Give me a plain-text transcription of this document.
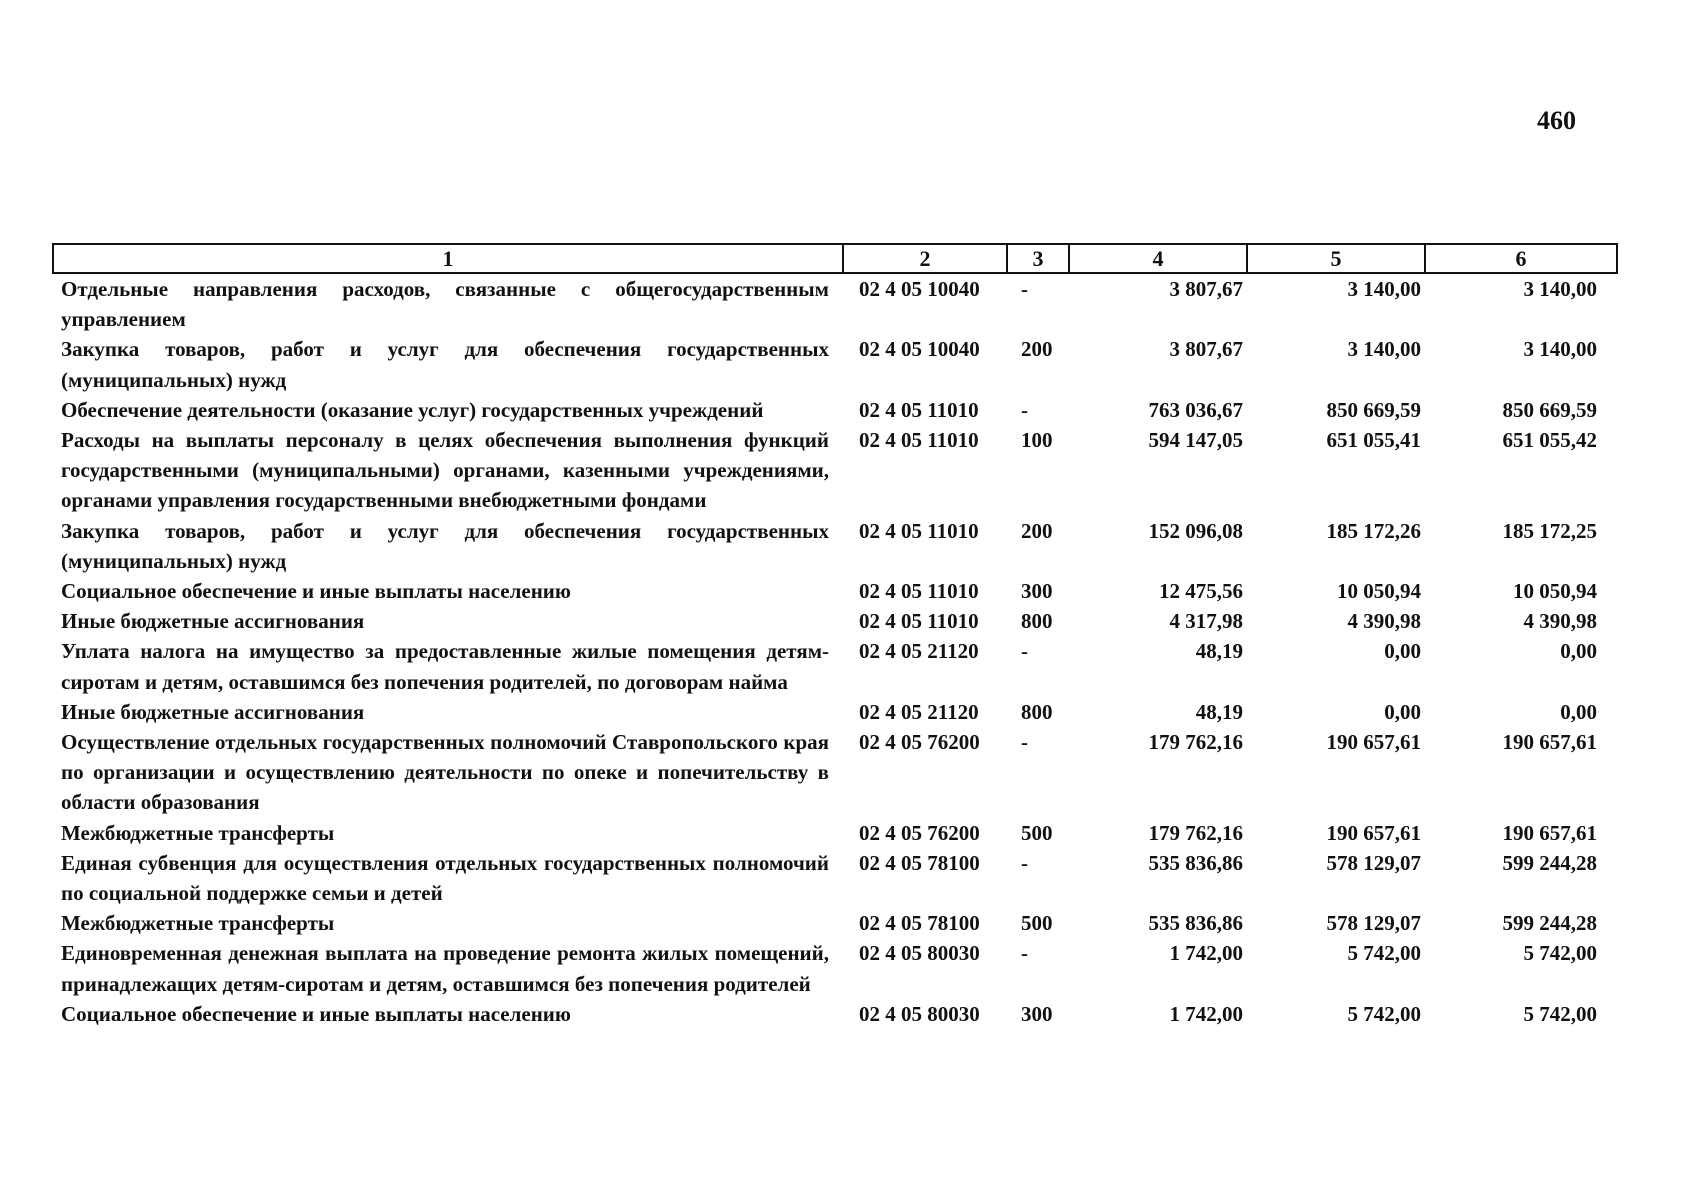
460
1	2	3	4	5	6
Отдельные направления расходов, связанные с общегосударственным управлением	02 4 05 10040	-	3 807,67	3 140,00	3 140,00
Закупка товаров, работ и услуг для обеспечения государственных (муниципальных) нужд	02 4 05 10040	200	3 807,67	3 140,00	3 140,00
Обеспечение деятельности (оказание услуг) государственных учреждений	02 4 05 11010	-	763 036,67	850 669,59	850 669,59
Расходы на выплаты персоналу в целях обеспечения выполнения функций государственными (муниципальными) органами, казенными учреждениями, органами управления государственными внебюджетными фондами	02 4 05 11010	100	594 147,05	651 055,41	651 055,42
Закупка товаров, работ и услуг для обеспечения государственных (муниципальных) нужд	02 4 05 11010	200	152 096,08	185 172,26	185 172,25
Социальное обеспечение и иные выплаты населению	02 4 05 11010	300	12 475,56	10 050,94	10 050,94
Иные бюджетные ассигнования	02 4 05 11010	800	4 317,98	4 390,98	4 390,98
Уплата налога на имущество за предоставленные жилые помещения детям-сиротам и детям, оставшимся без попечения родителей, по договорам найма	02 4 05 21120	-	48,19	0,00	0,00
Иные бюджетные ассигнования	02 4 05 21120	800	48,19	0,00	0,00
Осуществление отдельных государственных полномочий Ставропольского края по организации и осуществлению деятельности по опеке и попечительству в области образования	02 4 05 76200	-	179 762,16	190 657,61	190 657,61
Межбюджетные трансферты	02 4 05 76200	500	179 762,16	190 657,61	190 657,61
Единая субвенция для осуществления отдельных государственных полномочий по социальной поддержке семьи и детей	02 4 05 78100	-	535 836,86	578 129,07	599 244,28
Межбюджетные трансферты	02 4 05 78100	500	535 836,86	578 129,07	599 244,28
Единовременная денежная выплата на проведение ремонта жилых помещений, принадлежащих детям-сиротам и детям, оставшимся без попечения родителей	02 4 05 80030	-	1 742,00	5 742,00	5 742,00
Социальное обеспечение и иные выплаты населению	02 4 05 80030	300	1 742,00	5 742,00	5 742,00
